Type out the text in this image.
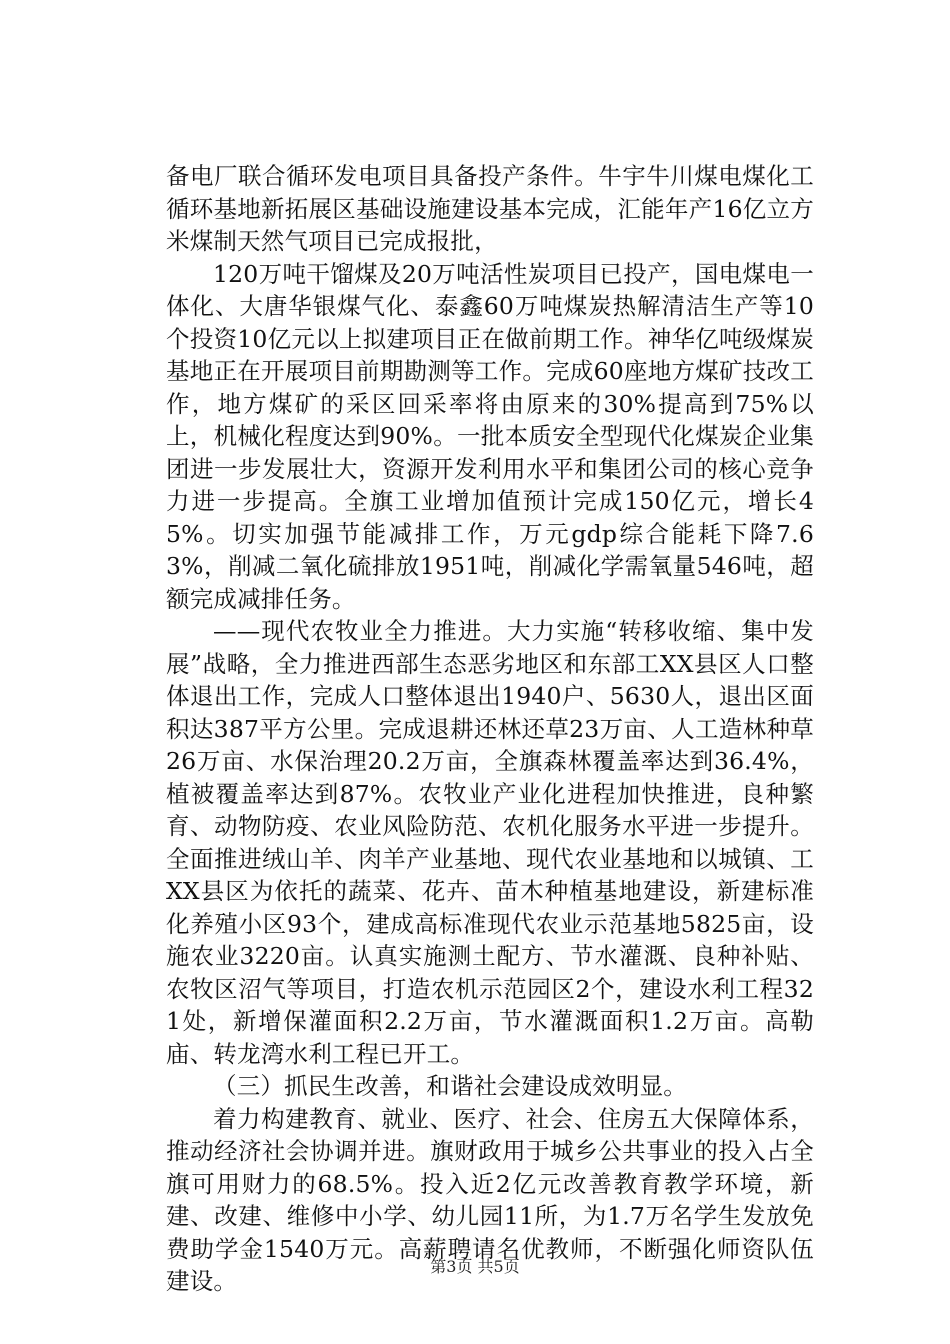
备电厂联合循环发电项目具备投产条件。牛宇牛川煤电煤化工循环基地新拓展区基础设施建设基本完成，汇能年产16亿立方米煤制天然气项目已完成报批，

120万吨干馏煤及20万吨活性炭项目已投产，国电煤电一体化、大唐华银煤气化、泰鑫60万吨煤炭热解清洁生产等10个投资10亿元以上拟建项目正在做前期工作。神华亿吨级煤炭基地正在开展项目前期勘测等工作。完成60座地方煤矿技改工作，地方煤矿的采区回采率将由原来的30%提高到75%以上，机械化程度达到90%。一批本质安全型现代化煤炭企业集团进一步发展壮大，资源开发利用水平和集团公司的核心竞争力进一步提高。全旗工业增加值预计完成150亿元，增长45%。切实加强节能减排工作，万元gdp综合能耗下降7.63%，削减二氧化硫排放1951吨，削减化学需氧量546吨，超额完成减排任务。

——现代农牧业全力推进。大力实施“转移收缩、集中发展”战略，全力推进西部生态恶劣地区和东部工XX县区人口整体退出工作，完成人口整体退出1940户、5630人，退出区面积达387平方公里。完成退耕还林还草23万亩、人工造林种草26万亩、水保治理20.2万亩，全旗森林覆盖率达到36.4%，植被覆盖率达到87%。农牧业产业化进程加快推进，良种繁育、动物防疫、农业风险防范、农机化服务水平进一步提升。全面推进绒山羊、肉羊产业基地、现代农业基地和以城镇、工XX县区为依托的蔬菜、花卉、苗木种植基地建设，新建标准化养殖小区93个，建成高标准现代农业示范基地5825亩，设施农业3220亩。认真实施测土配方、节水灌溉、良种补贴、农牧区沼气等项目，打造农机示范园区2个，建设水利工程321处，新增保灌面积2.2万亩，节水灌溉面积1.2万亩。高勒庙、转龙湾水利工程已开工。

（三）抓民生改善，和谐社会建设成效明显。

着力构建教育、就业、医疗、社会、住房五大保障体系，推动经济社会协调并进。旗财政用于城乡公共事业的投入占全旗可用财力的68.5%。投入近2亿元改善教育教学环境，新建、改建、维修中小学、幼儿园11所，为1.7万名学生发放免费助学金1540万元。高薪聘请名优教师，不断强化师资队伍建设。

第3页 共5页
